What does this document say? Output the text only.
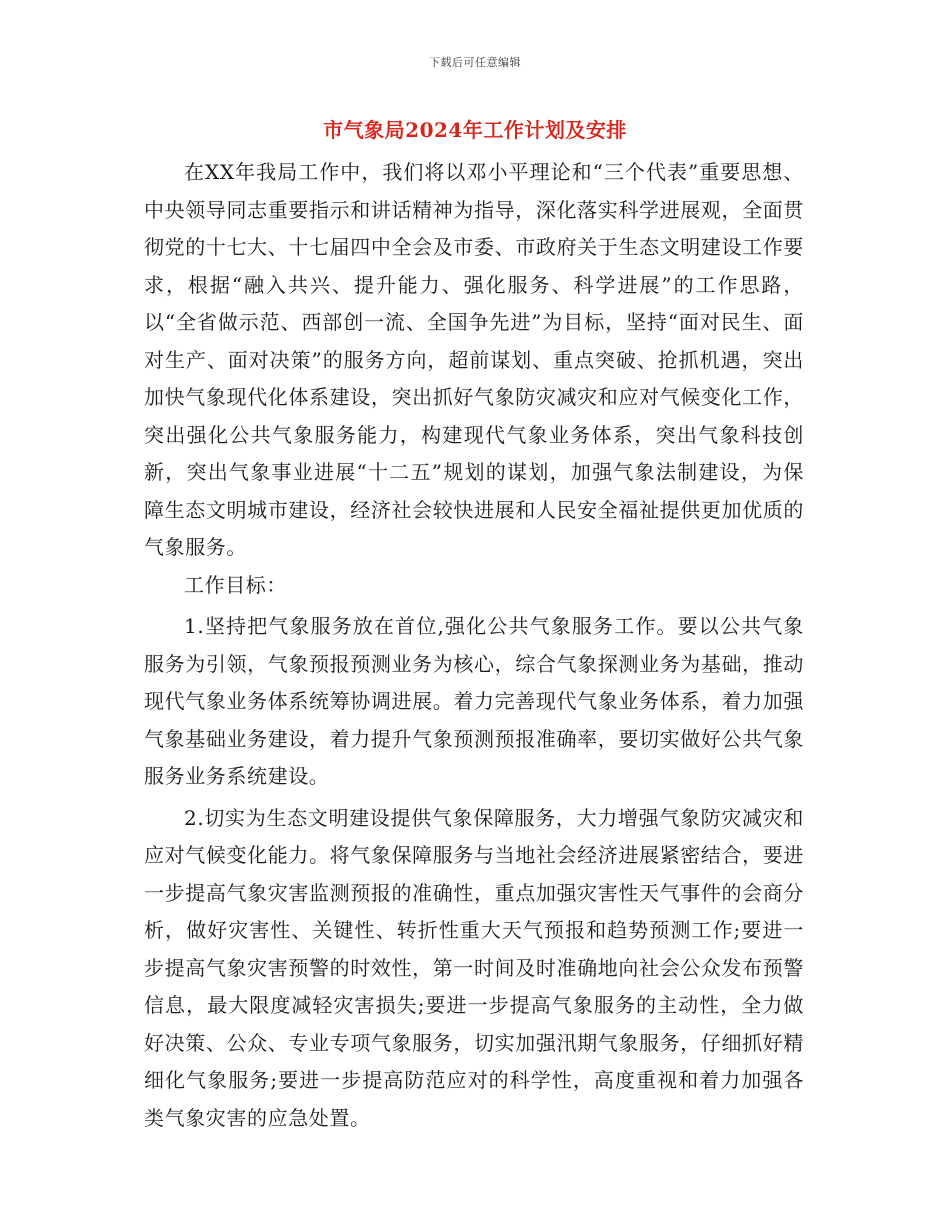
下载后可任意编辑
市气象局2024年工作计划及安排

在XX年我局工作中，我们将以邓小平理论和“三个代表”重要思想、中央领导同志重要指示和讲话精神为指导，深化落实科学进展观，全面贯彻党的十七大、十七届四中全会及市委、市政府关于生态文明建设工作要求，根据“融入共兴、提升能力、强化服务、科学进展”的工作思路，以“全省做示范、西部创一流、全国争先进”为目标，坚持“面对民生、面对生产、面对决策”的服务方向，超前谋划、重点突破、抢抓机遇，突出加快气象现代化体系建设，突出抓好气象防灾减灾和应对气候变化工作，突出强化公共气象服务能力，构建现代气象业务体系，突出气象科技创新，突出气象事业进展“十二五”规划的谋划，加强气象法制建设，为保障生态文明城市建设，经济社会较快进展和人民安全福祉提供更加优质的气象服务。

工作目标：

1.坚持把气象服务放在首位,强化公共气象服务工作。要以公共气象服务为引领，气象预报预测业务为核心，综合气象探测业务为基础，推动现代气象业务体系统筹协调进展。着力完善现代气象业务体系，着力加强气象基础业务建设，着力提升气象预测预报准确率，要切实做好公共气象服务业务系统建设。

2.切实为生态文明建设提供气象保障服务，大力增强气象防灾减灾和应对气候变化能力。将气象保障服务与当地社会经济进展紧密结合，要进一步提高气象灾害监测预报的准确性，重点加强灾害性天气事件的会商分析，做好灾害性、关键性、转折性重大天气预报和趋势预测工作;要进一步提高气象灾害预警的时效性，第一时间及时准确地向社会公众发布预警信息，最大限度减轻灾害损失;要进一步提高气象服务的主动性，全力做好决策、公众、专业专项气象服务，切实加强汛期气象服务，仔细抓好精细化气象服务;要进一步提高防范应对的科学性，高度重视和着力加强各类气象灾害的应急处置。
